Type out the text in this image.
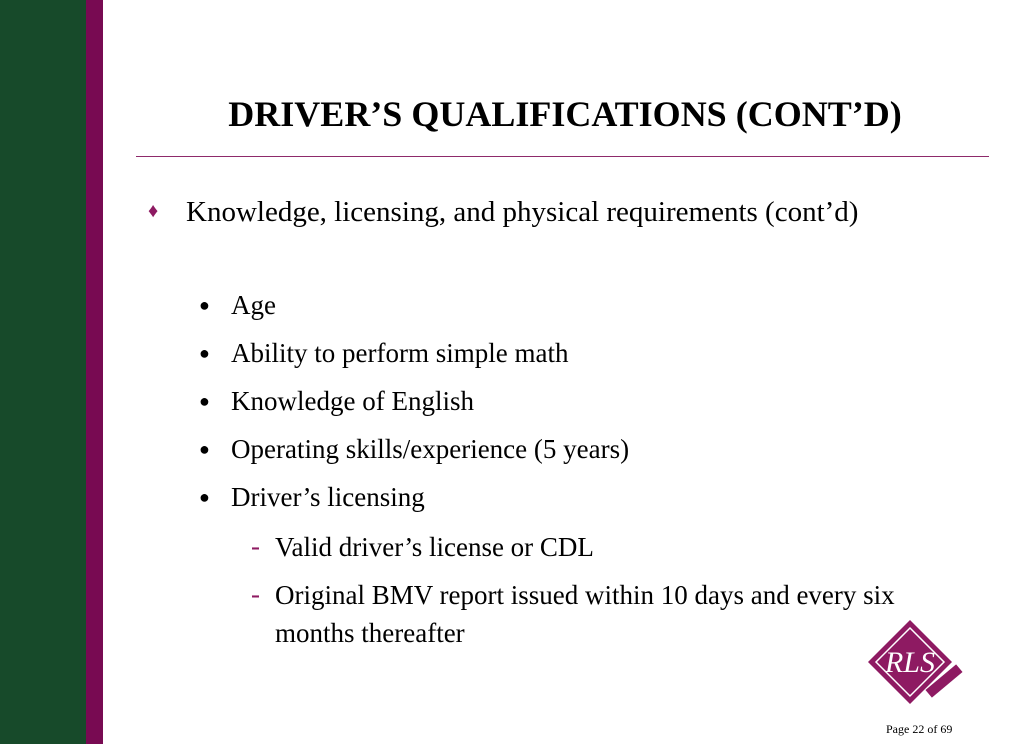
DRIVER’S QUALIFICATIONS (CONT’D)
♦ Knowledge, licensing, and physical requirements (cont’d)
● Age
● Ability to perform simple math
● Knowledge of English
● Operating skills/experience (5 years)
● Driver’s licensing
- Valid driver’s license or CDL
- Original BMV report issued within 10 days and every six months thereafter
RLS
Page 22 of 69
